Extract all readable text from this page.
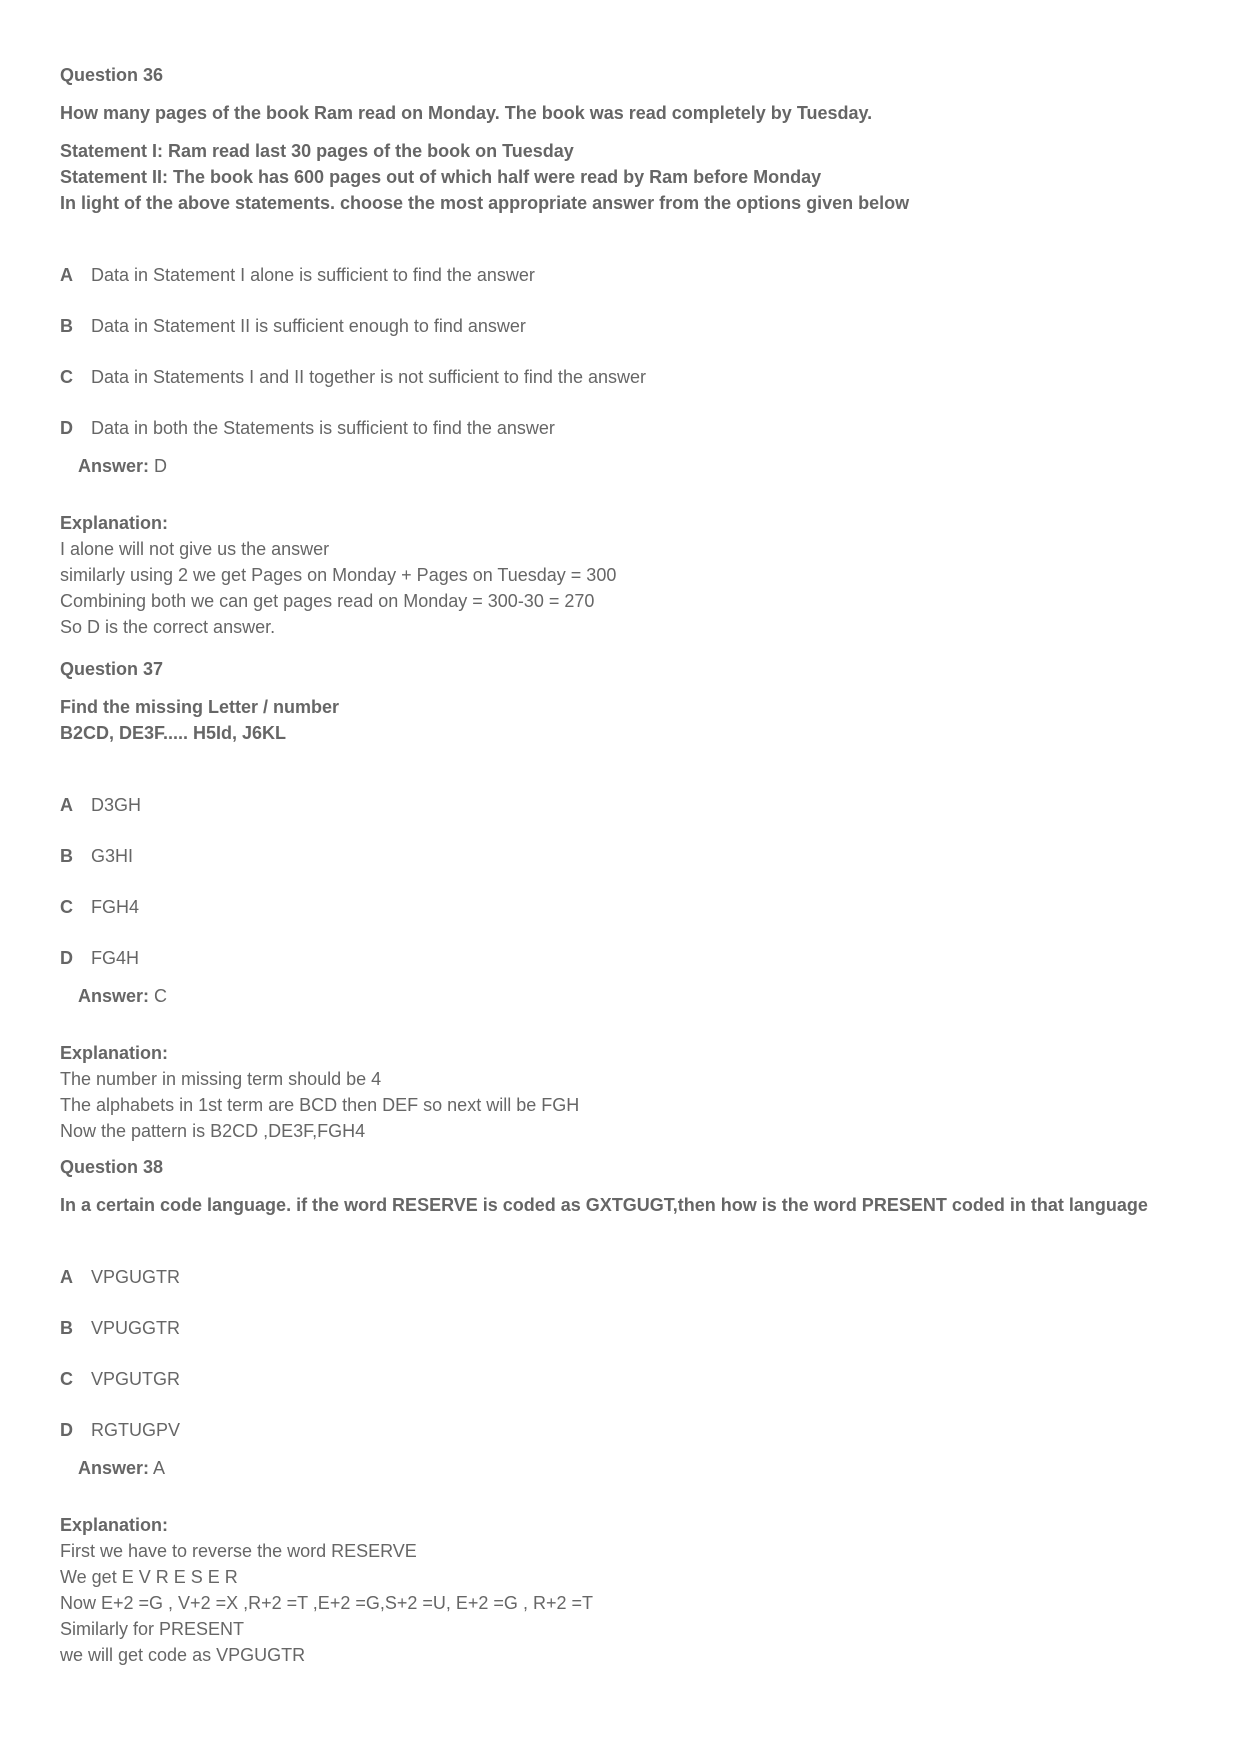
Question 36
How many pages of the book Ram read on Monday. The book was read completely by Tuesday.
Statement I: Ram read last 30 pages of the book on Tuesday
Statement II: The book has 600 pages out of which half were read by Ram before Monday
In light of the above statements. choose the most appropriate answer from the options given below
A	Data in Statement I alone is sufficient to find the answer
B	Data in Statement II is sufficient enough to find answer
C	Data in Statements I and II together is not sufficient to find the answer
D	Data in both the Statements is sufficient to find the answer
Answer: D
Explanation:
I alone will not give us the answer
similarly using 2 we get Pages on Monday + Pages on Tuesday = 300
Combining both we can get pages read on Monday = 300-30 = 270
So D is the correct answer.
Question 37
Find the missing Letter / number
B2CD, DE3F..... H5Id, J6KL
A	D3GH
B	G3HI
C	FGH4
D	FG4H
Answer: C
Explanation:
The number in missing term should be 4
The alphabets in 1st term are BCD then DEF so next will be FGH
Now the pattern is B2CD ,DE3F,FGH4
Question 38
In a certain code language. if the word RESERVE is coded as GXTGUGT,then how is the word PRESENT coded in that language
A	VPGUGTR
B	VPUGGTR
C	VPGUTGR
D	RGTUGPV
Answer: A
Explanation:
First we have to reverse the word RESERVE
We get E V R E S E R
Now E+2 =G , V+2 =X ,R+2 =T ,E+2 =G,S+2 =U, E+2 =G , R+2 =T
Similarly for PRESENT
we will get code as VPGUGTR
